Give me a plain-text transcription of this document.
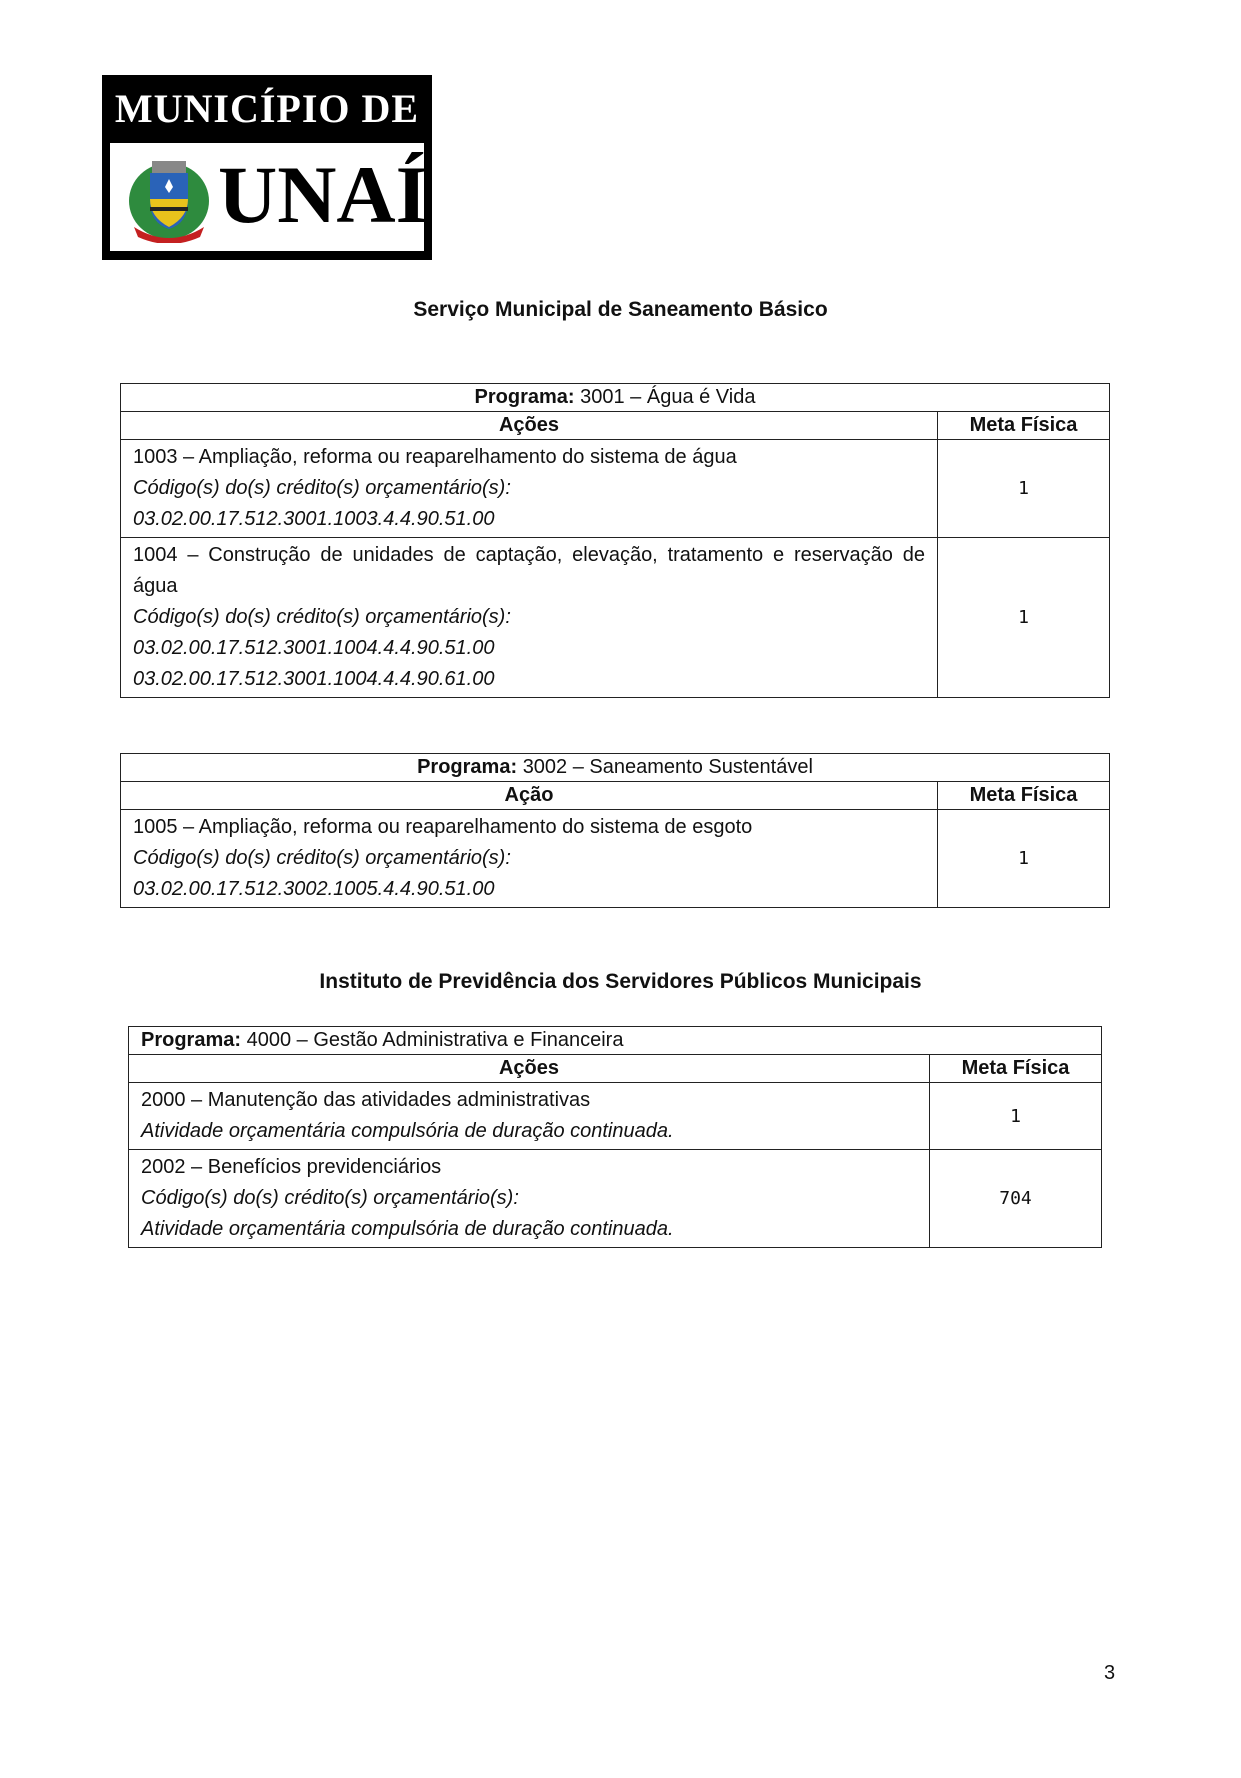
MUNICÍPIO DE
UNAÍ
Serviço Municipal de Saneamento Básico
Programa: 3001 – Água é Vida	
Ações	Meta Física

1003 – Ampliação, reforma ou reaparelhamento do sistema de água
Código(s) do(s) crédito(s) orçamentário(s):
03.02.00.17.512.3001.1003.4.4.90.51.00	1

1004 – Construção de unidades de captação, elevação, tratamento e reservação de água
Código(s) do(s) crédito(s) orçamentário(s):
03.02.00.17.512.3001.1004.4.4.90.51.00
03.02.00.17.512.3001.1004.4.4.90.61.00	1
Programa: 3002 – Saneamento Sustentável	
Ação	Meta Física

1005 – Ampliação, reforma ou reaparelhamento do sistema de esgoto
Código(s) do(s) crédito(s) orçamentário(s):
03.02.00.17.512.3002.1005.4.4.90.51.00	1
Instituto de Previdência dos Servidores Públicos Municipais
Programa: 4000 – Gestão Administrativa e Financeira	
Ações	Meta Física

2000 – Manutenção das atividades administrativas
Atividade orçamentária compulsória de duração continuada.	1

2002 – Benefícios previdenciários
Código(s) do(s) crédito(s) orçamentário(s):
Atividade orçamentária compulsória de duração continuada.	704
3
